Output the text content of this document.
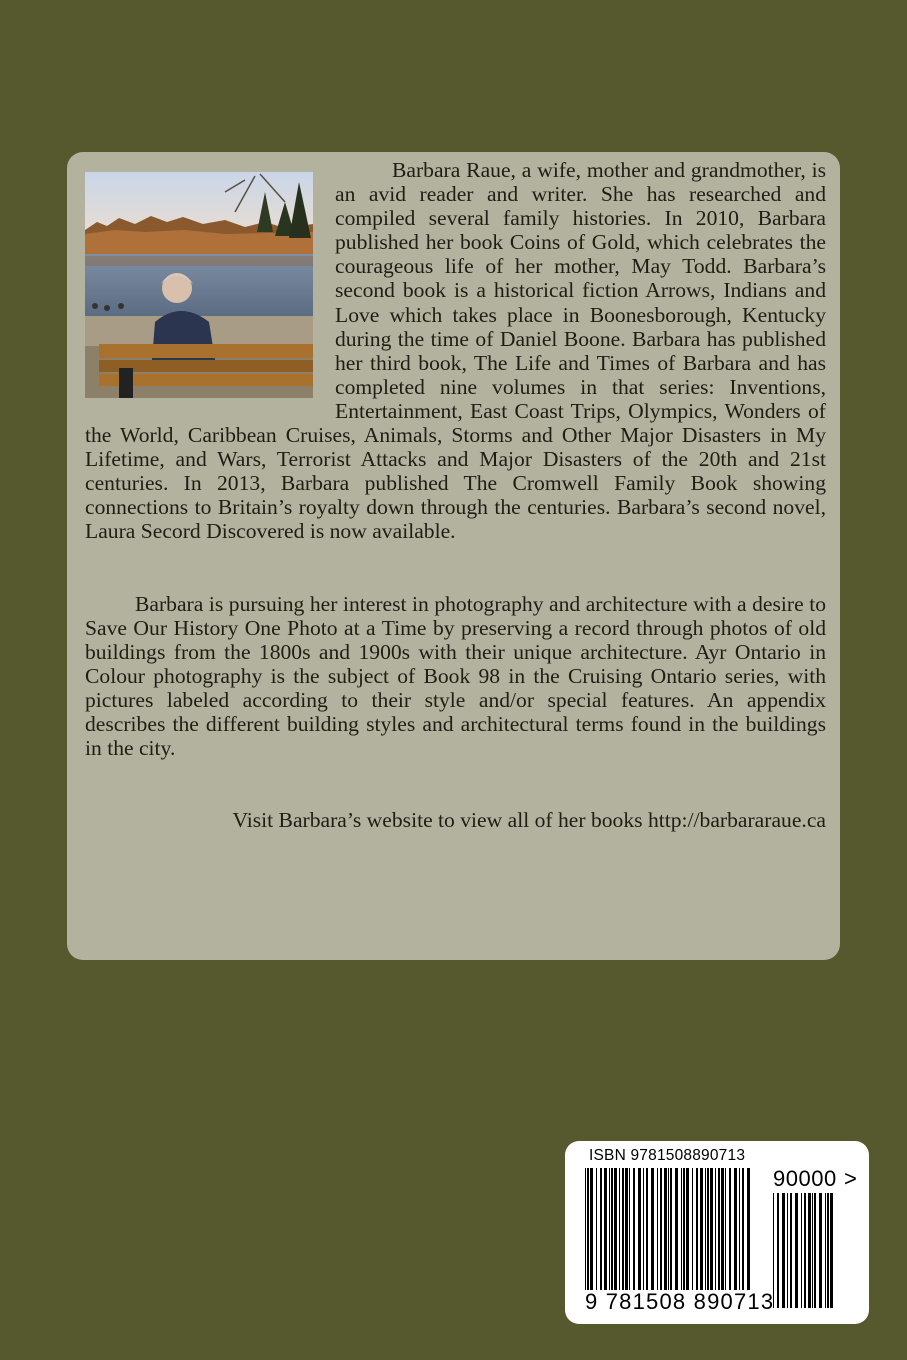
Barbara Raue, a wife, mother and grandmother, is an avid reader and writer. She has researched and compiled several family histories. In 2010, Barbara published her book Coins of Gold, which celebrates the courageous life of her mother, May Todd. Barbara’s second book is a historical fiction Arrows, Indians and Love which takes place in Boonesborough, Kentucky during the time of Daniel Boone. Barbara has published her third book, The Life and Times of Barbara and has completed nine volumes in that series: Inventions, Entertainment, East Coast Trips, Olympics, Wonders of the World, Caribbean Cruises, Animals, Storms and Other Major Disasters in My Lifetime, and Wars, Terrorist Attacks and Major Disasters of the 20th and 21st centuries. In 2013, Barbara published The Cromwell Family Book showing connections to Britain’s royalty down through the centuries. Barbara’s second novel, Laura Secord Discovered is now available.

Barbara is pursuing her interest in photography and architecture with a desire to Save Our History One Photo at a Time by preserving a record through photos of old buildings from the 1800s and 1900s with their unique architecture. Ayr Ontario in Colour photography is the subject of Book 98 in the Cruising Ontario series, with pictures labeled according to their style and/or special features. An appendix describes the different building styles and architectural terms found in the buildings in the city.

Visit Barbara’s website to view all of her books http://barbararaue.ca

ISBN 9781508890713
90000 >
9 781508 890713
